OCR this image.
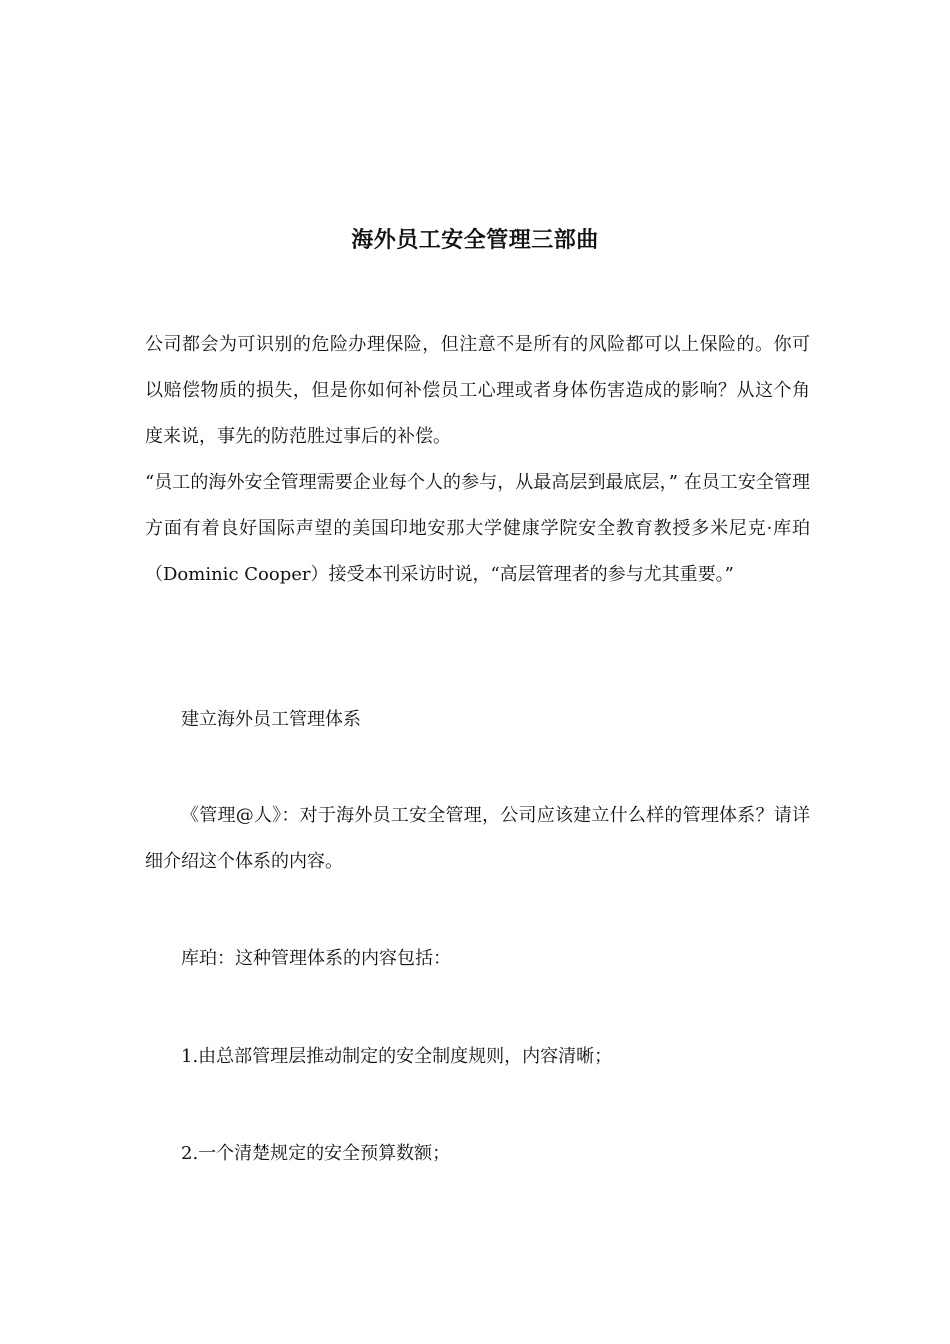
海外员工安全管理三部曲
公司都会为可识别的危险办理保险，但注意不是所有的风险都可以上保险的。你可以赔偿物质的损失，但是你如何补偿员工心理或者身体伤害造成的影响？从这个角度来说，事先的防范胜过事后的补偿。
“员工的海外安全管理需要企业每个人的参与，从最高层到最底层，” 在员工安全管理方面有着良好国际声望的美国印地安那大学健康学院安全教育教授多米尼克·库珀（Dominic Cooper）接受本刊采访时说，“高层管理者的参与尤其重要。”
建立海外员工管理体系
《管理@人》：对于海外员工安全管理，公司应该建立什么样的管理体系？请详细介绍这个体系的内容。
库珀：这种管理体系的内容包括：
1.由总部管理层推动制定的安全制度规则，内容清晰；
2.一个清楚规定的安全预算数额；
